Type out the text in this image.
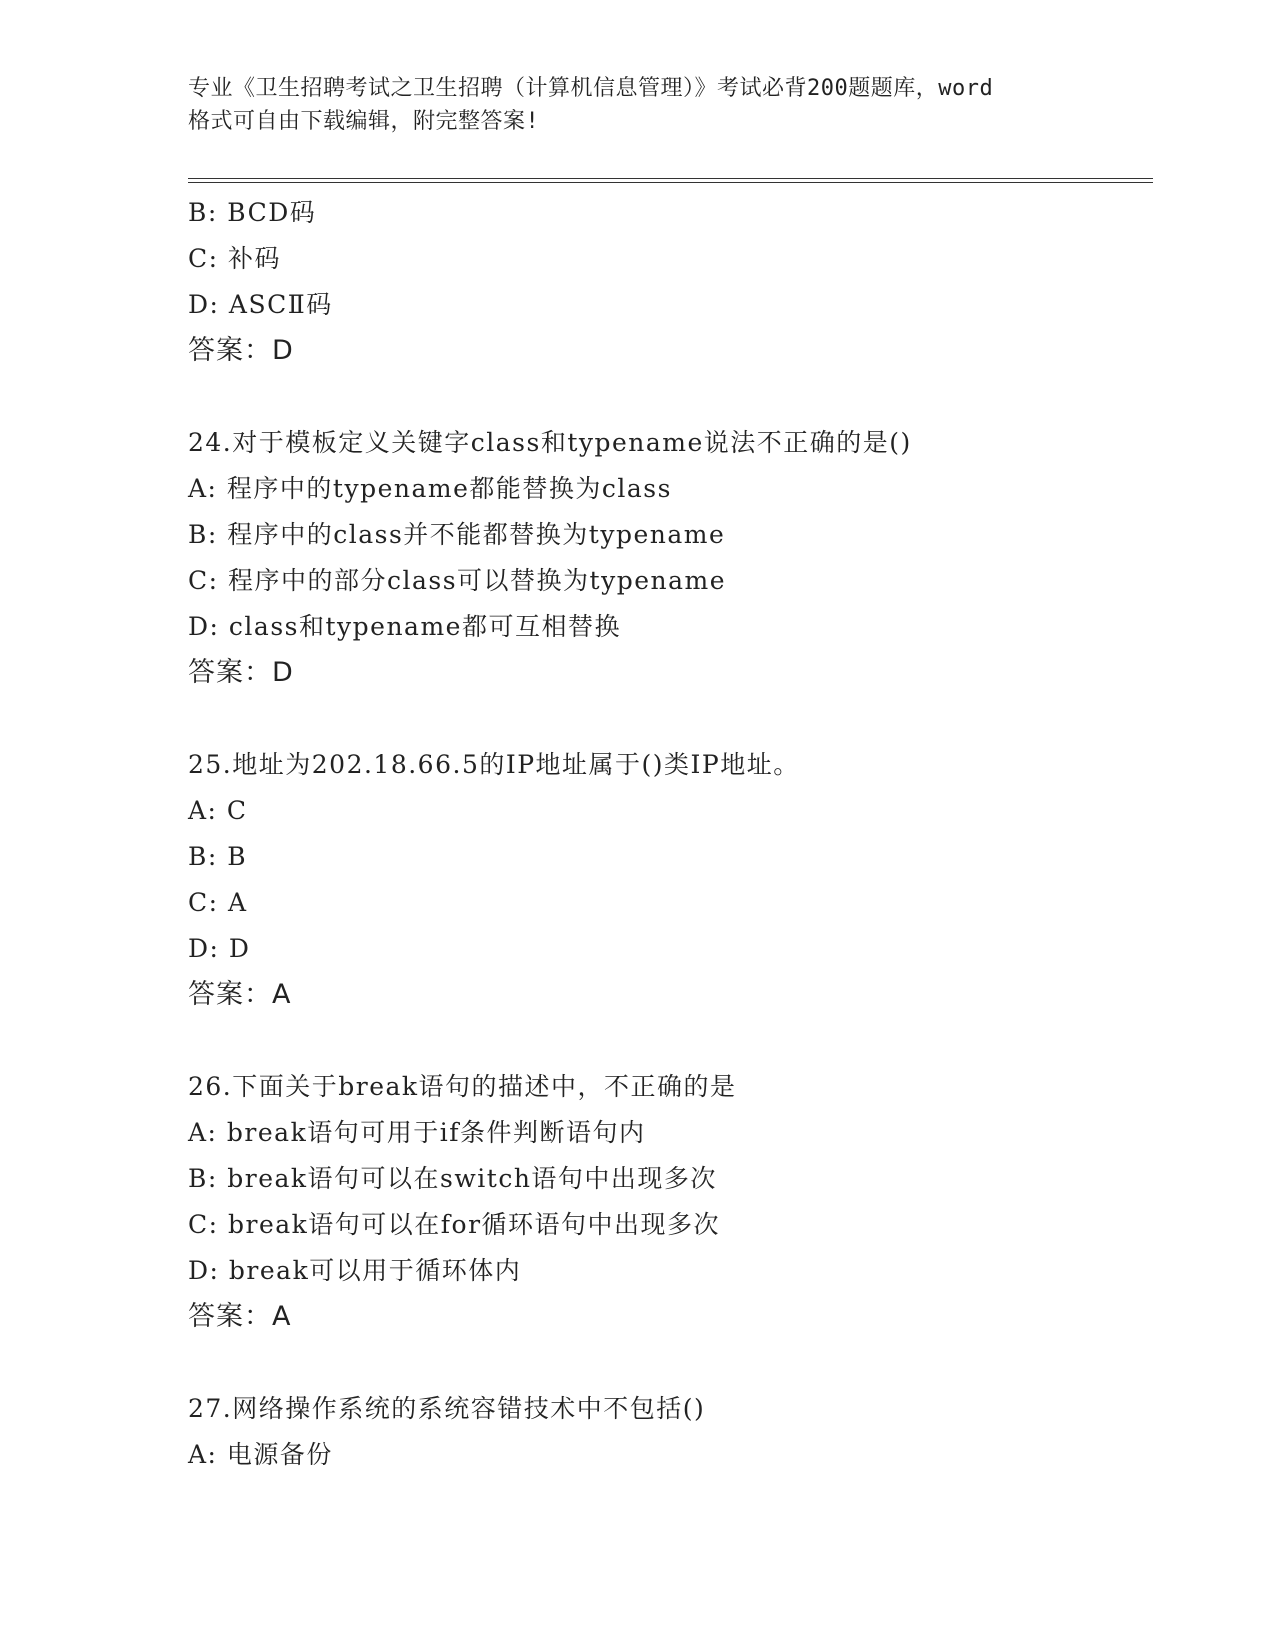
专业《卫生招聘考试之卫生招聘（计算机信息管理）》考试必背200题题库，word
格式可自由下载编辑，附完整答案!
B: BCD码
C: 补码
D: ASCⅡ码
答案：D
24.对于模板定义关键字class和typename说法不正确的是()
A: 程序中的typename都能替换为class
B: 程序中的class并不能都替换为typename
C: 程序中的部分class可以替换为typename
D: class和typename都可互相替换
答案：D
25.地址为202.18.66.5的IP地址属于()类IP地址。
A: C
B: B
C: A
D: D
答案：A
26.下面关于break语句的描述中，不正确的是
A: break语句可用于if条件判断语句内
B: break语句可以在switch语句中出现多次
C: break语句可以在for循环语句中出现多次
D: break可以用于循环体内
答案：A
27.网络操作系统的系统容错技术中不包括()
A: 电源备份
